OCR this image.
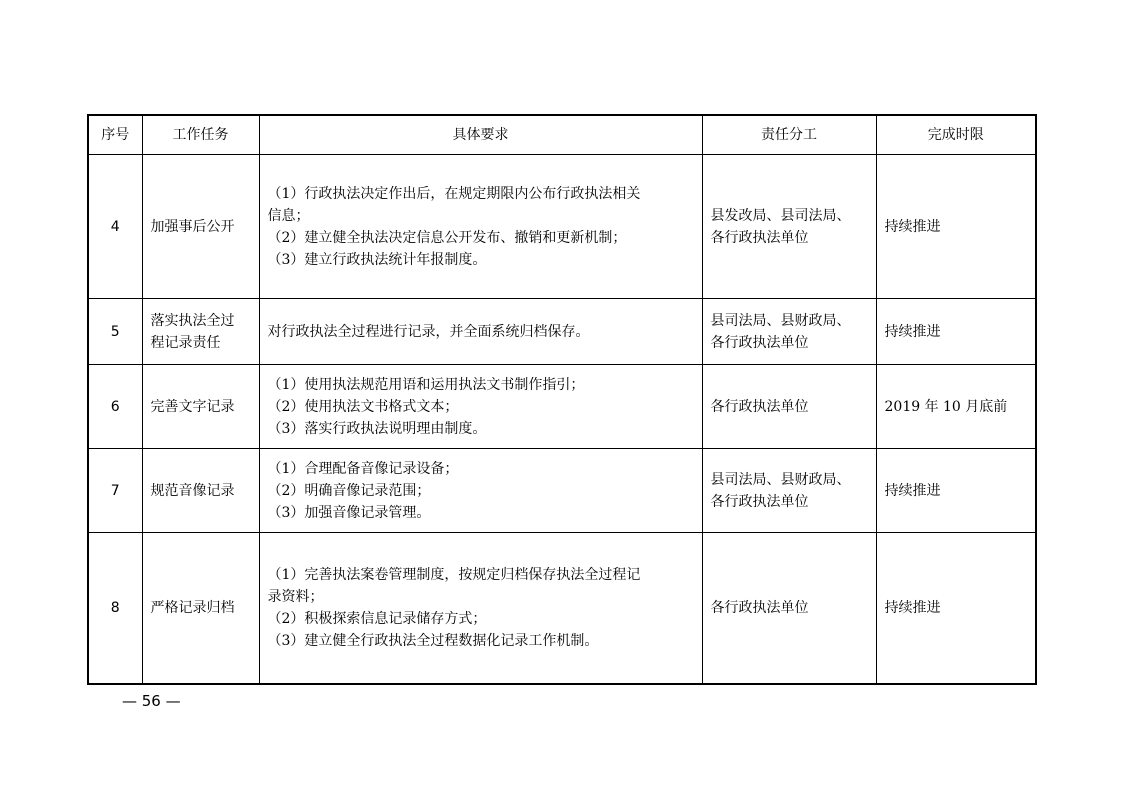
序号	工作任务	具体要求	责任分工	完成时限
4	加强事后公开	（1）行政执法决定作出后，在规定期限内公布行政执法相关
信息；
（2）建立健全执法决定信息公开发布、撤销和更新机制；
（3）建立行政执法统计年报制度。	县发改局、县司法局、
各行政执法单位	持续推进
5	落实执法全过
程记录责任	对行政执法全过程进行记录，并全面系统归档保存。	县司法局、县财政局、
各行政执法单位	持续推进
6	完善文字记录	（1）使用执法规范用语和运用执法文书制作指引；
（2）使用执法文书格式文本；
（3）落实行政执法说明理由制度。	各行政执法单位	2019 年 10 月底前
7	规范音像记录	（1）合理配备音像记录设备；
（2）明确音像记录范围；
（3）加强音像记录管理。	县司法局、县财政局、
各行政执法单位	持续推进
8	严格记录归档	（1）完善执法案卷管理制度，按规定归档保存执法全过程记
录资料；
（2）积极探索信息记录储存方式；
（3）建立健全行政执法全过程数据化记录工作机制。	各行政执法单位	持续推进
— 56 —
